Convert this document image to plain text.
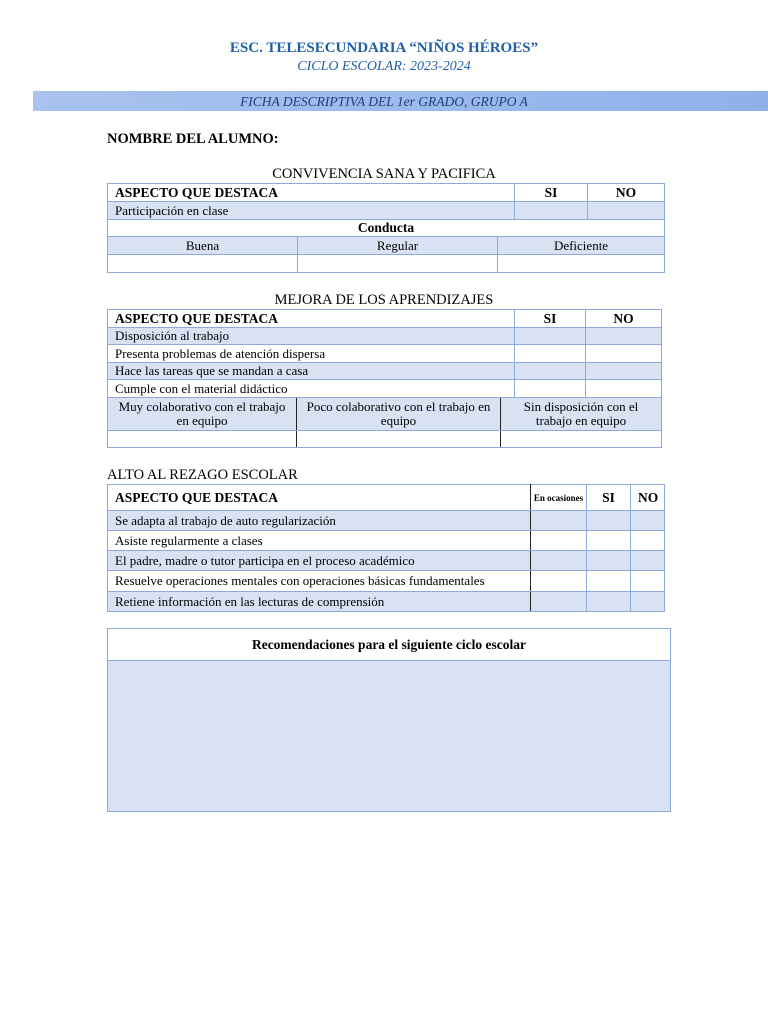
ESC. TELESECUNDARIA “NIÑOS HÉROES”
CICLO ESCOLAR: 2023-2024
FICHA DESCRIPTIVA DEL 1er GRADO, GRUPO A
NOMBRE DEL ALUMNO:
CONVIVENCIA SANA Y PACIFICA
ASPECTO QUE DESTACA			SI	NO
Participación en clase				
Conducta				
Buena	Regular	Deficiente		

MEJORA DE LOS APRENDIZAJES
ASPECTO QUE DESTACA			SI	NO
Disposición al trabajo				
Presenta problemas de atención dispersa				
Hace las tareas que se mandan a casa				
Cumple con el material didáctico				
Muy colaborativo con el trabajo en equipo	Poco colaborativo con el trabajo en equipo	Sin disposición con el trabajo en equipo		

ALTO AL REZAGO ESCOLAR
ASPECTO QUE DESTACA	En ocasiones	SI	NO
Se adapta al trabajo de auto regularización			
Asiste regularmente a clases			
El padre, madre o tutor participa en el proceso académico			
Resuelve operaciones mentales con operaciones básicas fundamentales			
Retiene información en las lecturas de comprensión			
Recomendaciones para el siguiente ciclo escolar
